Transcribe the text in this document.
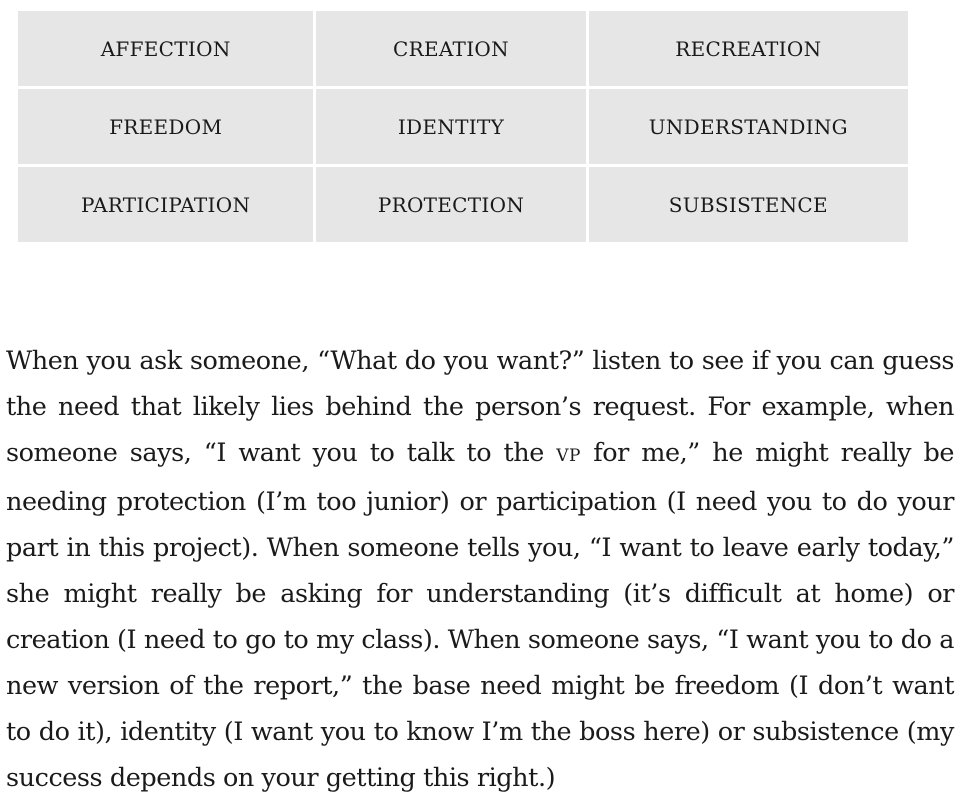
AFFECTION	CREATION	RECREATION
FREEDOM	IDENTITY	UNDERSTANDING
PARTICIPATION	PROTECTION	SUBSISTENCE

When you ask someone, “What do you want?” listen to see if you can guess the need that likely lies behind the person’s request. For example, when someone says, “I want you to talk to the VP for me,” he might really be needing protection (I’m too junior) or participation (I need you to do your part in this project). When someone tells you, “I want to leave early today,” she might really be asking for understanding (it’s difficult at home) or creation (I need to go to my class). When someone says, “I want you to do a new version of the report,” the base need might be freedom (I don’t want to do it), identity (I want you to know I’m the boss here) or subsistence (my success depends on your getting this right.)
